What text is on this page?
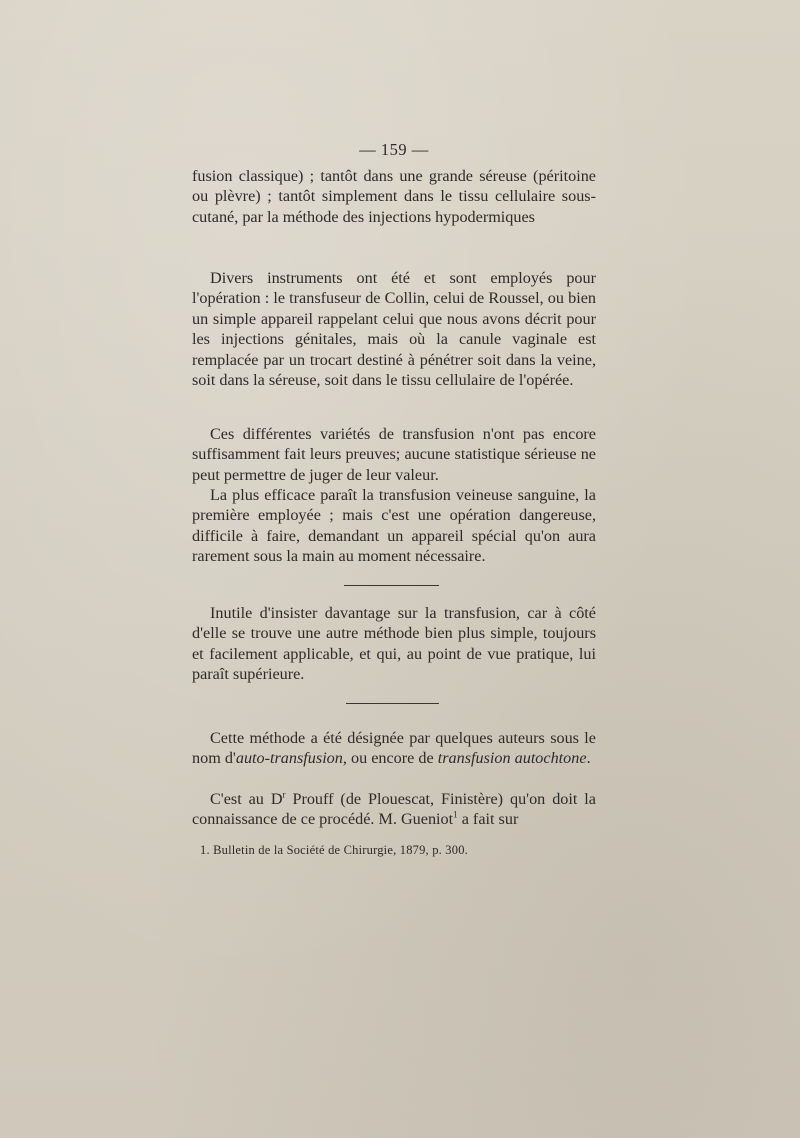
— 159 —

fusion classique) ; tantôt dans une grande séreuse (péritoine ou plèvre) ; tantôt simplement dans le tissu cellulaire sous-cutané, par la méthode des injections hypodermiques

Divers instruments ont été et sont employés pour l'opération : le transfuseur de Collin, celui de Roussel, ou bien un simple appareil rappelant celui que nous avons décrit pour les injections génitales, mais où la canule vaginale est remplacée par un trocart destiné à pénétrer soit dans la veine, soit dans la séreuse, soit dans le tissu cellulaire de l'opérée.

Ces différentes variétés de transfusion n'ont pas encore suffisamment fait leurs preuves; aucune statistique sérieuse ne peut permettre de juger de leur valeur.

La plus efficace paraît la transfusion veineuse sanguine, la première employée ; mais c'est une opération dangereuse, difficile à faire, demandant un appareil spécial qu'on aura rarement sous la main au moment nécessaire.

Inutile d'insister davantage sur la transfusion, car à côté d'elle se trouve une autre méthode bien plus simple, toujours et facilement applicable, et qui, au point de vue pratique, lui paraît supérieure.

Cette méthode a été désignée par quelques auteurs sous le nom d'auto-transfusion, ou encore de transfusion autochtone.

C'est au $D^r$ Prouff (de Plouescat, Finistère) qu'on doit la connaissance de ce procédé. M. Gueniot$^1$ a fait sur

1. Bulletin de la Société de Chirurgie, 1879, p. 300.
